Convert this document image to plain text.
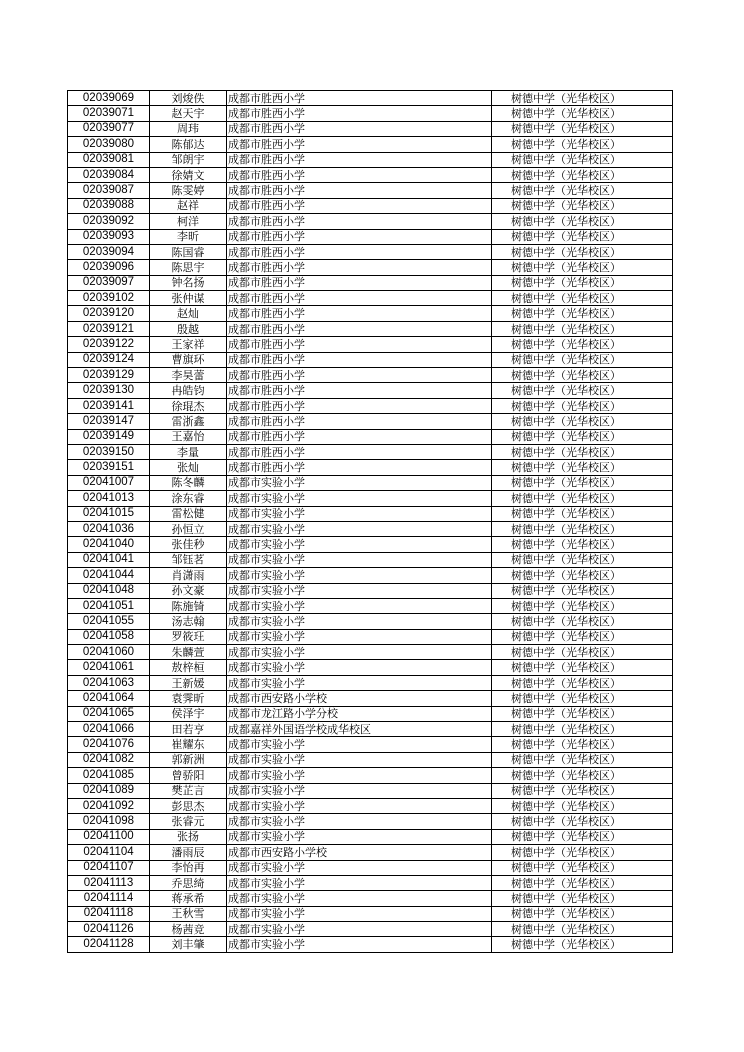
02039069	刘焌佚	成都市胜西小学	树德中学（光华校区）
02039071	赵天宇	成都市胜西小学	树德中学（光华校区）
02039077	周玮	成都市胜西小学	树德中学（光华校区）
02039080	陈郁达	成都市胜西小学	树德中学（光华校区）
02039081	邹朗宇	成都市胜西小学	树德中学（光华校区）
02039084	徐婧文	成都市胜西小学	树德中学（光华校区）
02039087	陈雯婷	成都市胜西小学	树德中学（光华校区）
02039088	赵祥	成都市胜西小学	树德中学（光华校区）
02039092	柯洋	成都市胜西小学	树德中学（光华校区）
02039093	李昕	成都市胜西小学	树德中学（光华校区）
02039094	陈国睿	成都市胜西小学	树德中学（光华校区）
02039096	陈思宇	成都市胜西小学	树德中学（光华校区）
02039097	钟名扬	成都市胜西小学	树德中学（光华校区）
02039102	张仲谋	成都市胜西小学	树德中学（光华校区）
02039120	赵灿	成都市胜西小学	树德中学（光华校区）
02039121	殷越	成都市胜西小学	树德中学（光华校区）
02039122	王家祥	成都市胜西小学	树德中学（光华校区）
02039124	曹旗环	成都市胜西小学	树德中学（光华校区）
02039129	李昊蕾	成都市胜西小学	树德中学（光华校区）
02039130	冉皓钧	成都市胜西小学	树德中学（光华校区）
02039141	徐琨杰	成都市胜西小学	树德中学（光华校区）
02039147	雷浙鑫	成都市胜西小学	树德中学（光华校区）
02039149	王嘉怡	成都市胜西小学	树德中学（光华校区）
02039150	李量	成都市胜西小学	树德中学（光华校区）
02039151	张灿	成都市胜西小学	树德中学（光华校区）
02041007	陈冬麟	成都市实验小学	树德中学（光华校区）
02041013	涂东睿	成都市实验小学	树德中学（光华校区）
02041015	雷松健	成都市实验小学	树德中学（光华校区）
02041036	孙恒立	成都市实验小学	树德中学（光华校区）
02041040	张佳秒	成都市实验小学	树德中学（光华校区）
02041041	邹钰茗	成都市实验小学	树德中学（光华校区）
02041044	肖潇雨	成都市实验小学	树德中学（光华校区）
02041048	孙文豪	成都市实验小学	树德中学（光华校区）
02041051	陈施锜	成都市实验小学	树德中学（光华校区）
02041055	汤志翰	成都市实验小学	树德中学（光华校区）
02041058	罗筱玨	成都市实验小学	树德中学（光华校区）
02041060	朱麟萱	成都市实验小学	树德中学（光华校区）
02041061	敖梓桓	成都市实验小学	树德中学（光华校区）
02041063	王新媛	成都市实验小学	树德中学（光华校区）
02041064	袁霁昕	成都市西安路小学校	树德中学（光华校区）
02041065	侯泽宇	成都市龙江路小学分校	树德中学（光华校区）
02041066	田若亨	成都嘉祥外国语学校成华校区	树德中学（光华校区）
02041076	崔耀东	成都市实验小学	树德中学（光华校区）
02041082	郭新洲	成都市实验小学	树德中学（光华校区）
02041085	曾骄阳	成都市实验小学	树德中学（光华校区）
02041089	樊芷言	成都市实验小学	树德中学（光华校区）
02041092	彭思杰	成都市实验小学	树德中学（光华校区）
02041098	张睿元	成都市实验小学	树德中学（光华校区）
02041100	张扬	成都市实验小学	树德中学（光华校区）
02041104	潘雨辰	成都市西安路小学校	树德中学（光华校区）
02041107	李怡再	成都市实验小学	树德中学（光华校区）
02041113	乔思绮	成都市实验小学	树德中学（光华校区）
02041114	蒋承希	成都市实验小学	树德中学（光华校区）
02041118	王秋雪	成都市实验小学	树德中学（光华校区）
02041126	杨茜竞	成都市实验小学	树德中学（光华校区）
02041128	刘丰肇	成都市实验小学	树德中学（光华校区）
